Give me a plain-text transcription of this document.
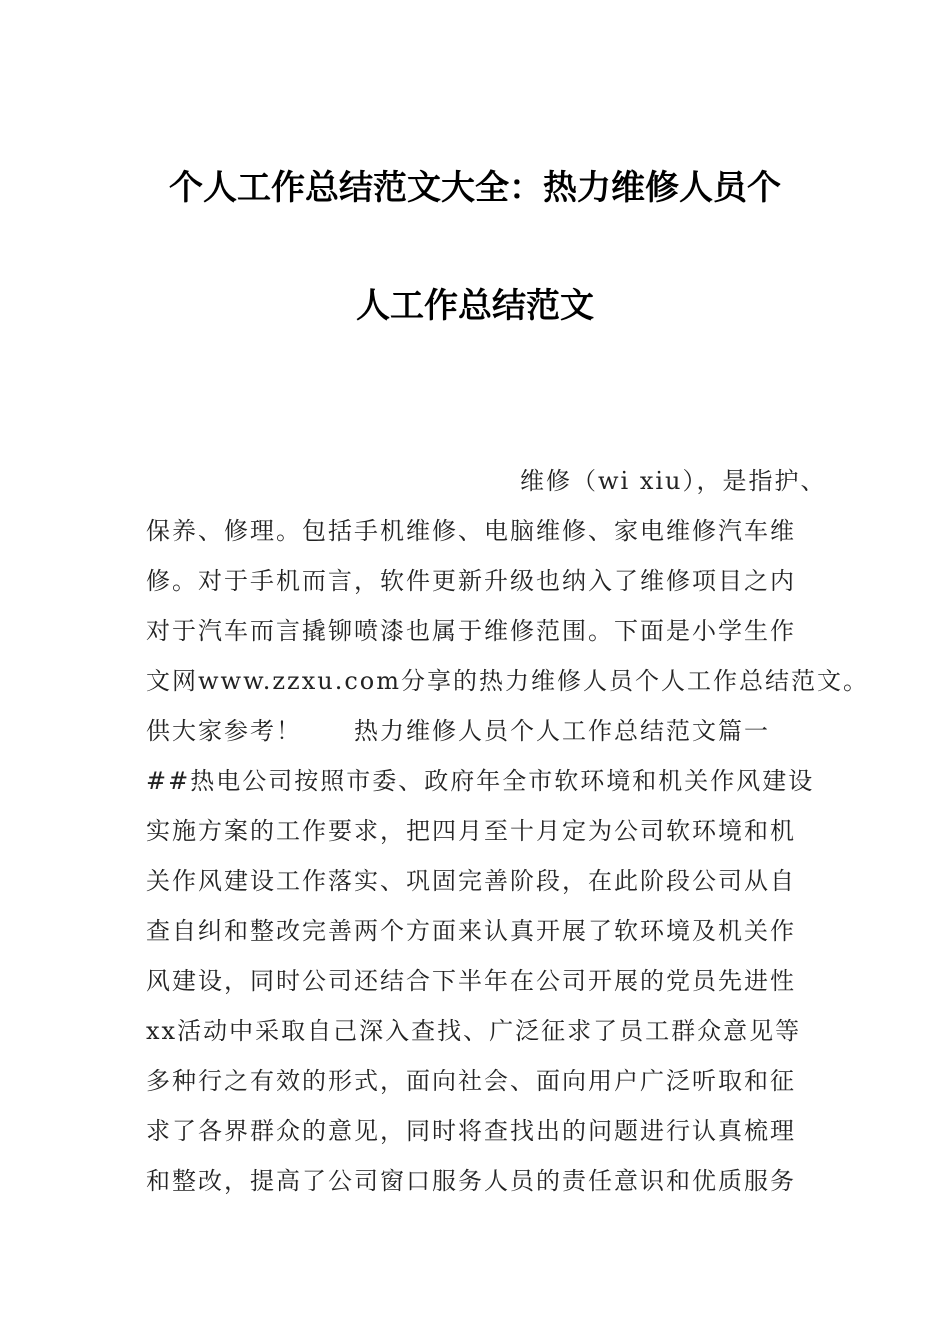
个人工作总结范文大全：热力维修人员个
人工作总结范文
维修（wi xiu），是指护、
保养、修理。包括手机维修、电脑维修、家电维修汽车维
修。对于手机而言，软件更新升级也纳入了维修项目之内
对于汽车而言撬铆喷漆也属于维修范围。下面是小学生作
文网www.zzxu.com分享的热力维修人员个人工作总结范文。
供大家参考！　　热力维修人员个人工作总结范文篇一
##热电公司按照市委、政府年全市软环境和机关作风建设
实施方案的工作要求，把四月至十月定为公司软环境和机
关作风建设工作落实、巩固完善阶段，在此阶段公司从自
查自纠和整改完善两个方面来认真开展了软环境及机关作
风建设，同时公司还结合下半年在公司开展的党员先进性
xx活动中采取自己深入查找、广泛征求了员工群众意见等
多种行之有效的形式，面向社会、面向用户广泛听取和征
求了各界群众的意见，同时将查找出的问题进行认真梳理
和整改，提高了公司窗口服务人员的责任意识和优质服务
